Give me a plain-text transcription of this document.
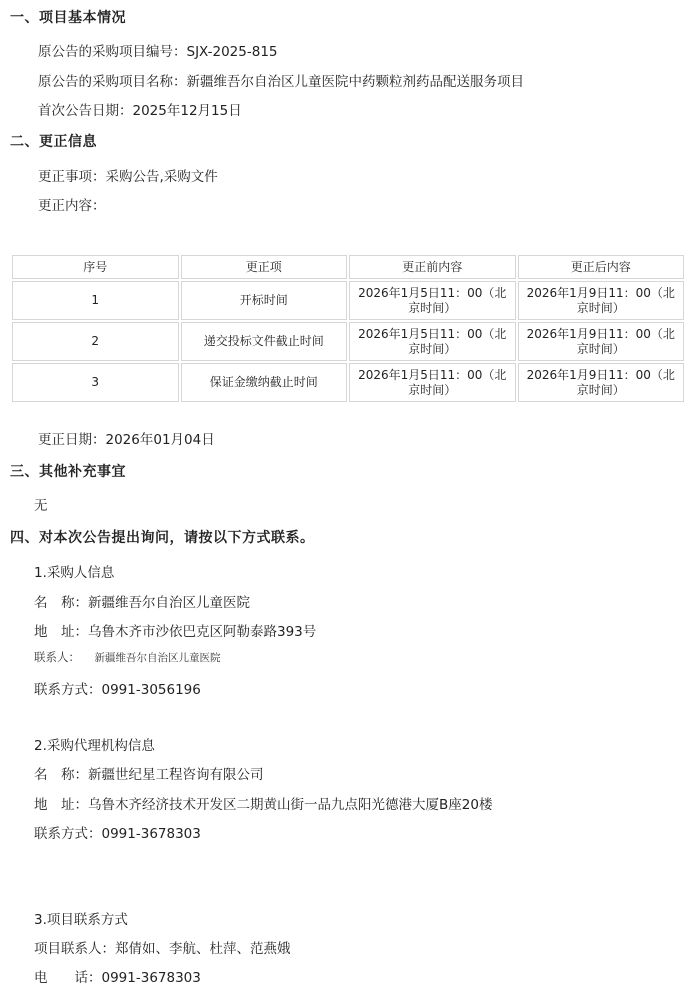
一、项目基本情况
原公告的采购项目编号：SJX-2025-815
原公告的采购项目名称：新疆维吾尔自治区儿童医院中药颗粒剂药品配送服务项目
首次公告日期：2025年12月15日
二、更正信息
更正事项：采购公告,采购文件
更正内容：
序号	更正项	更正前内容	更正后内容
1	开标时间	2026年1月5日11：00（北京时间）	2026年1月9日11：00（北京时间）
2	递交投标文件截止时间	2026年1月5日11：00（北京时间）	2026年1月9日11：00（北京时间）
3	保证金缴纳截止时间	2026年1月5日11：00（北京时间）	2026年1月9日11：00（北京时间）
更正日期：2026年01月04日
三、其他补充事宜
无
四、对本次公告提出询问，请按以下方式联系。
1.采购人信息
名　称：新疆维吾尔自治区儿童医院
地　址：乌鲁木齐市沙依巴克区阿勒泰路393号
联系人： 新疆维吾尔自治区儿童医院
联系方式：0991-3056196
2.采购代理机构信息
名　称：新疆世纪星工程咨询有限公司
地　址：乌鲁木齐经济技术开发区二期黄山街一品九点阳光德港大厦B座20楼
联系方式：0991-3678303
3.项目联系方式
项目联系人：郑倩如、李航、杜萍、范燕娥
电　　话：0991-3678303
